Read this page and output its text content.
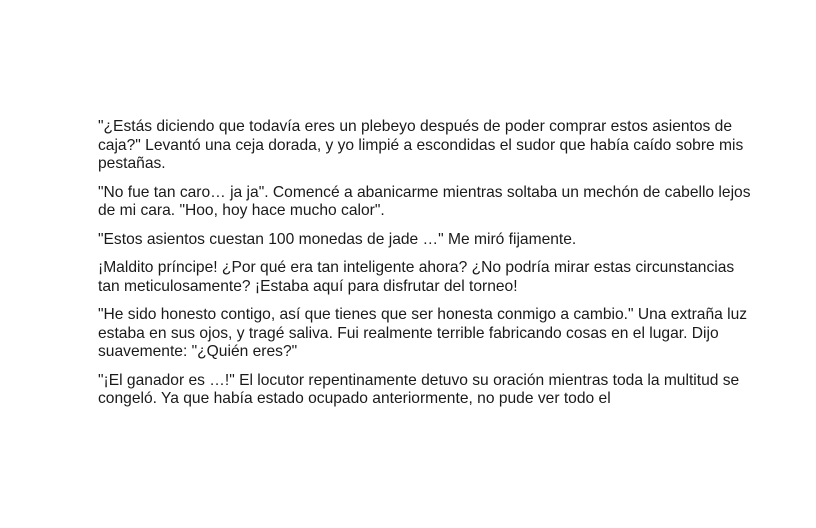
"¿Estás diciendo que todavía eres un plebeyo después de poder comprar estos asientos de caja?" Levantó una ceja dorada, y yo limpié a escondidas el sudor que había caído sobre mis pestañas.

"No fue tan caro… ja ja". Comencé a abanicarme mientras soltaba un mechón de cabello lejos de mi cara. "Hoo, hoy hace mucho calor".

"Estos asientos cuestan 100 monedas de jade …" Me miró fijamente.

¡Maldito príncipe! ¿Por qué era tan inteligente ahora? ¿No podría mirar estas circunstancias tan meticulosamente? ¡Estaba aquí para disfrutar del torneo!

"He sido honesto contigo, así que tienes que ser honesta conmigo a cambio." Una extraña luz estaba en sus ojos, y tragé saliva. Fui realmente terrible fabricando cosas en el lugar. Dijo suavemente: "¿Quién eres?"

"¡El ganador es …!" El locutor repentinamente detuvo su oración mientras toda la multitud se congeló. Ya que había estado ocupado anteriormente, no pude ver todo el
